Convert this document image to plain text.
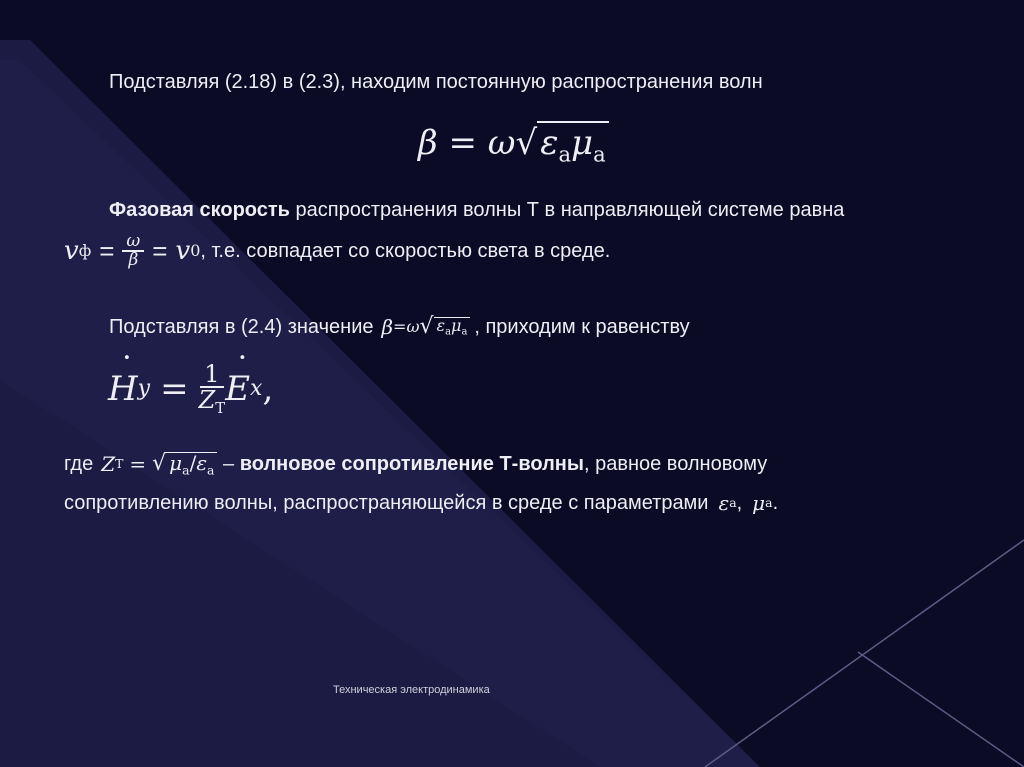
Подставляя (2.18) в (2.3), находим постоянную распространения волн
$\beta = \omega√\varepsilon_a\mu_a$
Фазовая скорость распространения волны Т в направляющей системе равна
v $ф = \frac{\omega}{\beta} = v$ 0 , т.е. совпадает со скоростью света в среде.
Подставляя в (2.4) значение β =ω √ $\varepsilon_a\mu_a$ , приходим к равенству
˙ H $y = \frac{1}{Z_T}$
˙ E x ,
где Z T = √ $\mu_a/\varepsilon_a$ – волновое сопротивление Т-волны , равное волновому
сопротивлению волны, распространяющейся в среде с параметрами ε a , μ a .
Техническая электродинамика
